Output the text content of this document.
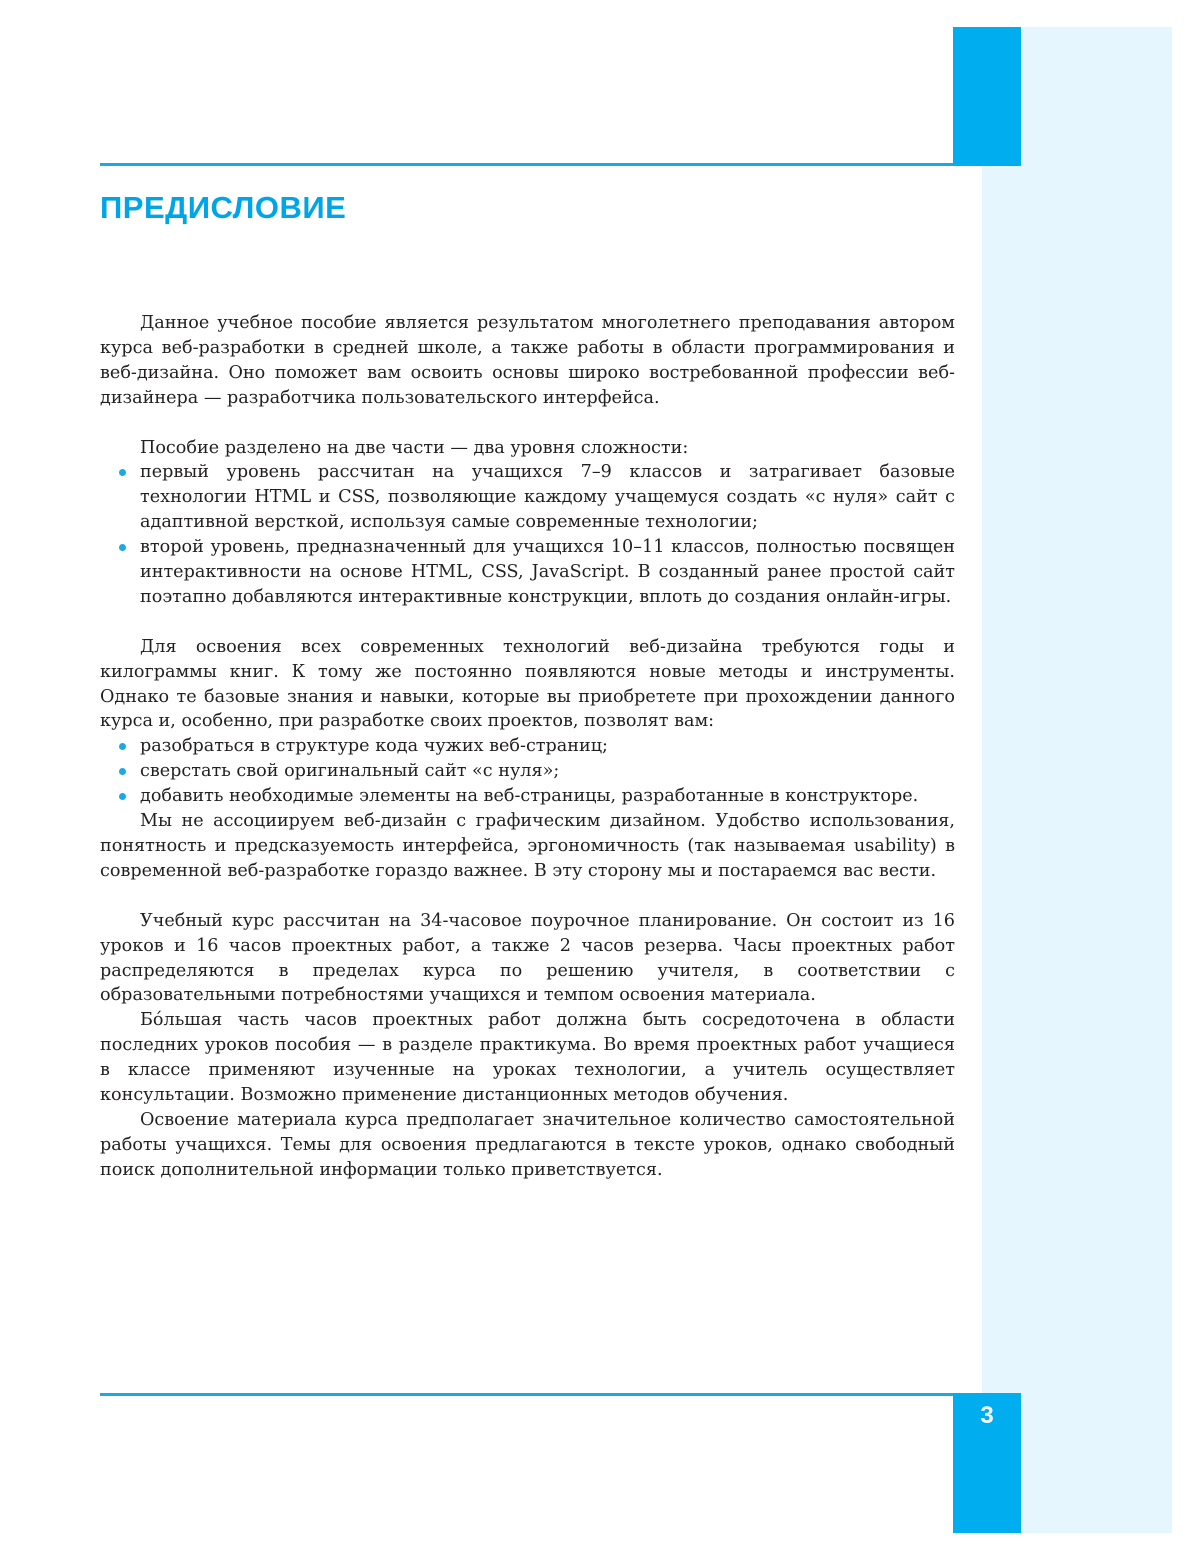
ПРЕДИСЛОВИЕ

Данное учебное пособие является результатом многолетнего преподавания автором курса веб-разработки в средней школе, а также работы в области программирования и веб-дизайна. Оно поможет вам освоить основы широко востребованной профессии веб-дизайнера — разработчика пользовательского интерфейса.

Пособие разделено на две части — два уровня сложности:

первый уровень рассчитан на учащихся 7–9 классов и затрагивает базовые технологии HTML и CSS, позволяющие каждому учащемуся создать «с нуля» сайт с адаптивной версткой, используя самые современные технологии;
второй уровень, предназначенный для учащихся 10–11 классов, полностью посвящен интерактивности на основе HTML, CSS, JavaScript. В созданный ранее простой сайт поэтапно добавляются интерактивные конструкции, вплоть до создания онлайн-игры.

Для освоения всех современных технологий веб-дизайна требуются годы и килограммы книг. К тому же постоянно появляются новые методы и инструменты. Однако те базовые знания и навыки, которые вы приобретете при прохождении данного курса и, особенно, при разработке своих проектов, позволят вам:

разобраться в структуре кода чужих веб-страниц;
сверстать свой оригинальный сайт «с нуля»;
добавить необходимые элементы на веб-страницы, разработанные в конструкторе.

Мы не ассоциируем веб-дизайн с графическим дизайном. Удобство использования, понятность и предсказуемость интерфейса, эргономичность (так называемая usability) в современной веб-разработке гораздо важнее. В эту сторону мы и постараемся вас вести.

Учебный курс рассчитан на 34-часовое поурочное планирование. Он состоит из 16 уроков и 16 часов проектных работ, а также 2 часов резерва. Часы проектных работ распределяются в пределах курса по решению учителя, в соответствии с образовательными потребностями учащихся и темпом освоения материала.

Бóльшая часть часов проектных работ должна быть сосредоточена в области последних уроков пособия — в разделе практикума. Во время проектных работ учащиеся в классе применяют изученные на уроках технологии, а учитель осуществляет консультации. Возможно применение дистанционных методов обучения.

Освоение материала курса предполагает значительное количество самостоятельной работы учащихся. Темы для освоения предлагаются в тексте уроков, однако свободный поиск дополнительной информации только приветствуется.

3
